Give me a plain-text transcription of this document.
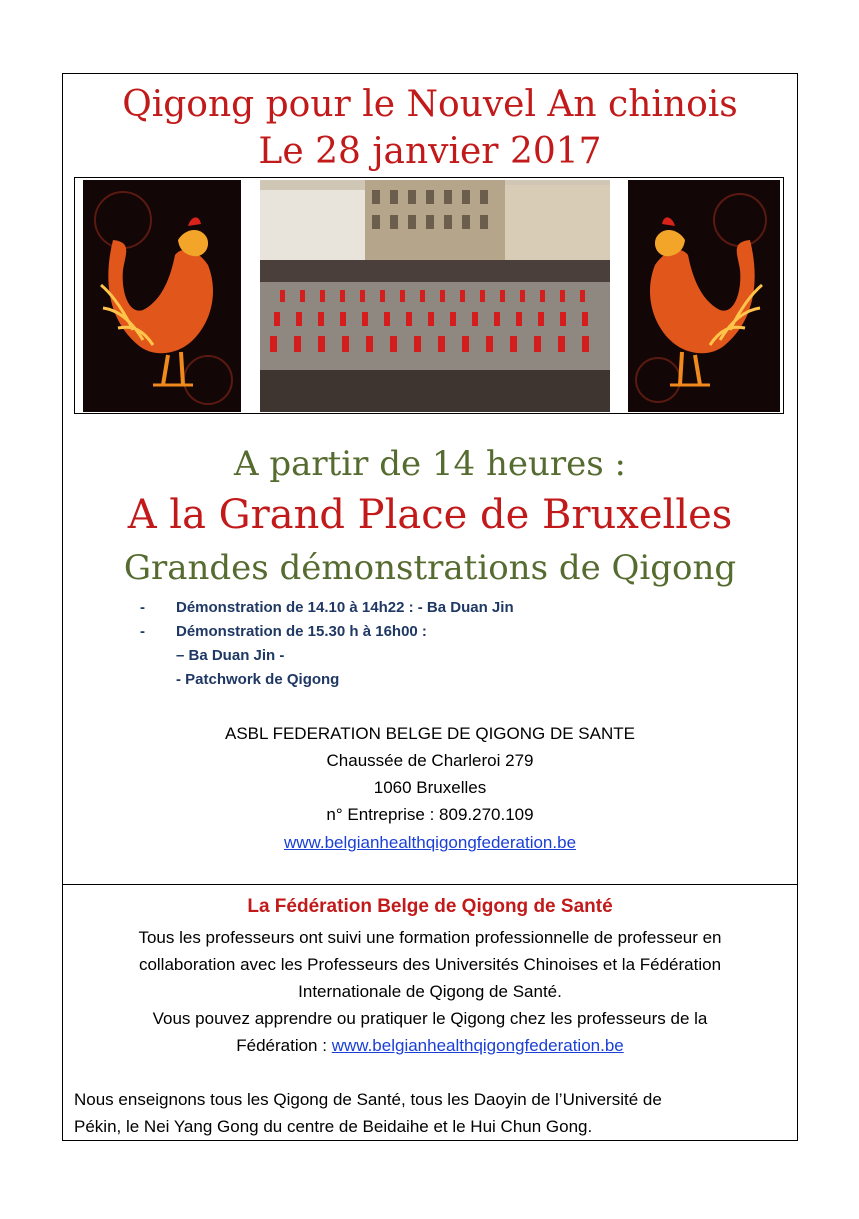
Qigong pour le Nouvel An chinois
Le 28 janvier 2017
A partir de 14 heures :
A la Grand Place de Bruxelles
Grandes démonstrations de Qigong
-	Démonstration de 14.10 à 14h22 : - Ba Duan Jin
-	Démonstration de 15.30 h à 16h00 :
– Ba Duan Jin -
- Patchwork de Qigong
ASBL FEDERATION BELGE DE QIGONG DE SANTE
Chaussée de Charleroi 279
1060 Bruxelles
n° Entreprise : 809.270.109
www.belgianhealthqigongfederation.be
La Fédération Belge de Qigong de Santé
Tous les professeurs ont suivi une formation professionnelle de professeur en
collaboration avec les Professeurs des Universités Chinoises et la Fédération
Internationale de Qigong de Santé.
Vous pouvez apprendre ou pratiquer le Qigong chez les professeurs de la
Fédération : www.belgianhealthqigongfederation.be
Nous enseignons tous les Qigong de Santé, tous les Daoyin de l’Université de
Pékin, le Nei Yang Gong du centre de Beidaihe et le Hui Chun Gong.
